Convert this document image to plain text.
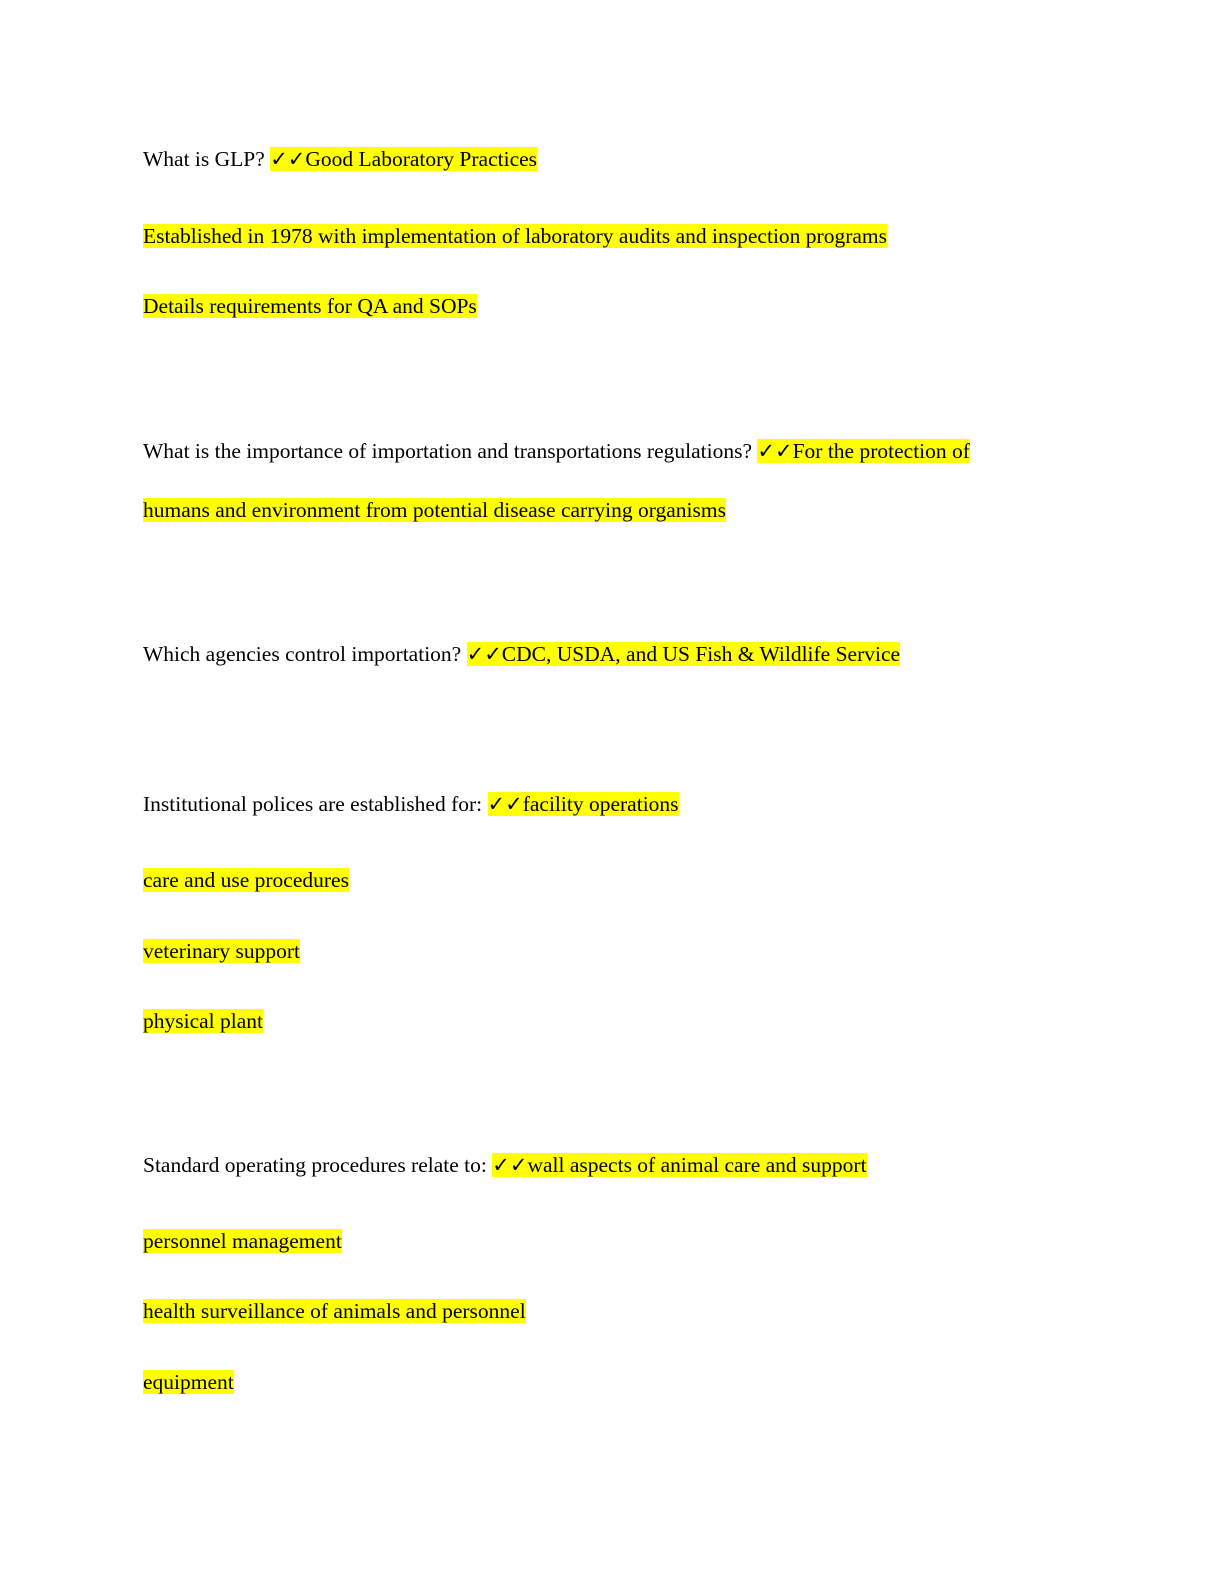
What is GLP? ✓✓Good Laboratory Practices
Established in 1978 with implementation of laboratory audits and inspection programs
Details requirements for QA and SOPs
What is the importance of importation and transportations regulations? ✓✓For the protection of
humans and environment from potential disease carrying organisms
Which agencies control importation? ✓✓CDC, USDA, and US Fish & Wildlife Service
Institutional polices are established for: ✓✓facility operations
care and use procedures
veterinary support
physical plant
Standard operating procedures relate to: ✓✓wall aspects of animal care and support
personnel management
health surveillance of animals and personnel
equipment
